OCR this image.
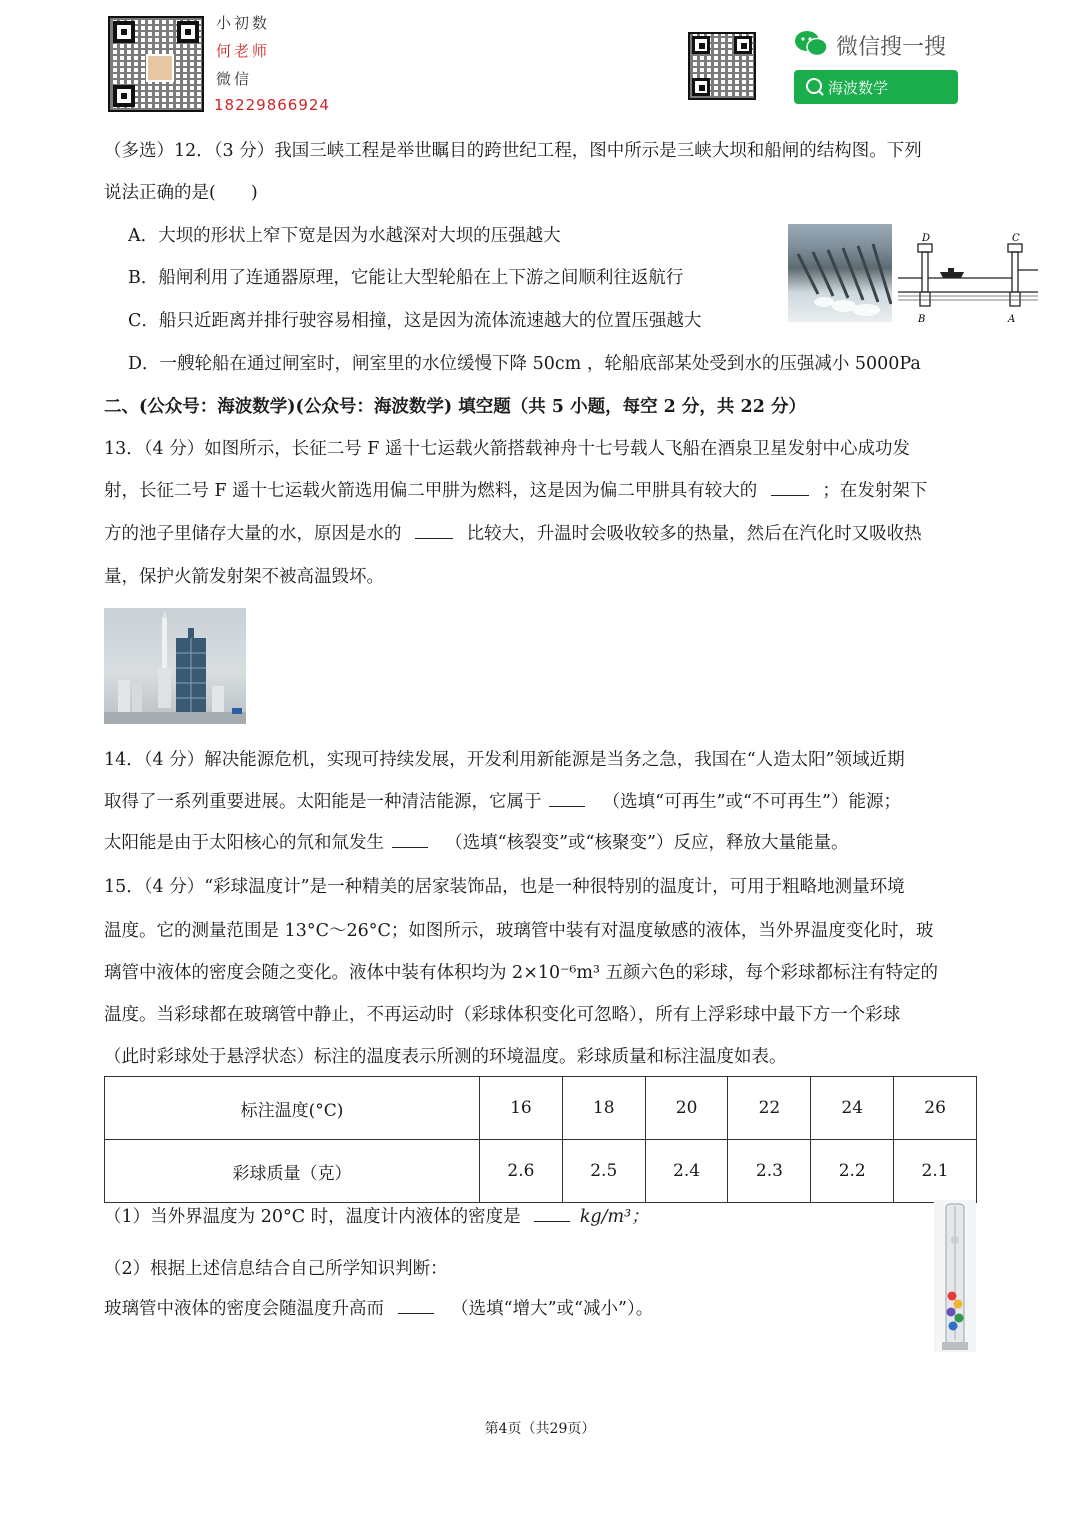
小初数
何老师
微信
18229866924
微信搜一搜
海波数学
（多选）12．（3 分）我国三峡工程是举世瞩目的跨世纪工程，图中所示是三峡大坝和船闸的结构图。下列
说法正确的是(　　)
A．大坝的形状上窄下宽是因为水越深对大坝的压强越大
B．船闸利用了连通器原理，它能让大型轮船在上下游之间顺利往返航行
C．船只近距离并排行驶容易相撞，这是因为流体流速越大的位置压强越大
D．一艘轮船在通过闸室时，闸室里的水位缓慢下降 50cm ，轮船底部某处受到水的压强减小 5000Pa
D	C
B	A
二、(公众号：海波数学)(公众号：海波数学) 填空题（共 5 小题，每空 2 分，共 22 分）
13．（4 分）如图所示，长征二号 F 遥十七运载火箭搭载神舟十七号载人飞船在酒泉卫星发射中心成功发
射，长征二号 F 遥十七运载火箭选用偏二甲肼为燃料，这是因为偏二甲肼具有较大的	；在发射架下
方的池子里储存大量的水，原因是水的	比较大，升温时会吸收较多的热量，然后在汽化时又吸收热
量，保护火箭发射架不被高温毁坏。
14．（4 分）解决能源危机，实现可持续发展，开发利用新能源是当务之急，我国在“人造太阳”领域近期
取得了一系列重要进展。太阳能是一种清洁能源，它属于	（选填“可再生”或“不可再生”）能源；
太阳能是由于太阳核心的氘和氚发生	（选填“核裂变”或“核聚变”）反应，释放大量能量。
15．（4 分）“彩球温度计”是一种精美的居家装饰品，也是一种很特别的温度计，可用于粗略地测量环境
温度。它的测量范围是 13°C～26°C；如图所示，玻璃管中装有对温度敏感的液体，当外界温度变化时，玻
璃管中液体的密度会随之变化。液体中装有体积均为 2×10⁻⁶m³ 五颜六色的彩球，每个彩球都标注有特定的
温度。当彩球都在玻璃管中静止，不再运动时（彩球体积变化可忽略），所有上浮彩球中最下方一个彩球
（此时彩球处于悬浮状态）标注的温度表示所测的环境温度。彩球质量和标注温度如表。
标注温度(°C)	16	18	20	22	24	26
彩球质量（克）	2.6	2.5	2.4	2.3	2.2	2.1
（1）当外界温度为 20°C 时，温度计内液体的密度是	kg/m³；
（2）根据上述信息结合自己所学知识判断：
玻璃管中液体的密度会随温度升高而	（选填“增大”或“减小”）。
第4页（共29页）
